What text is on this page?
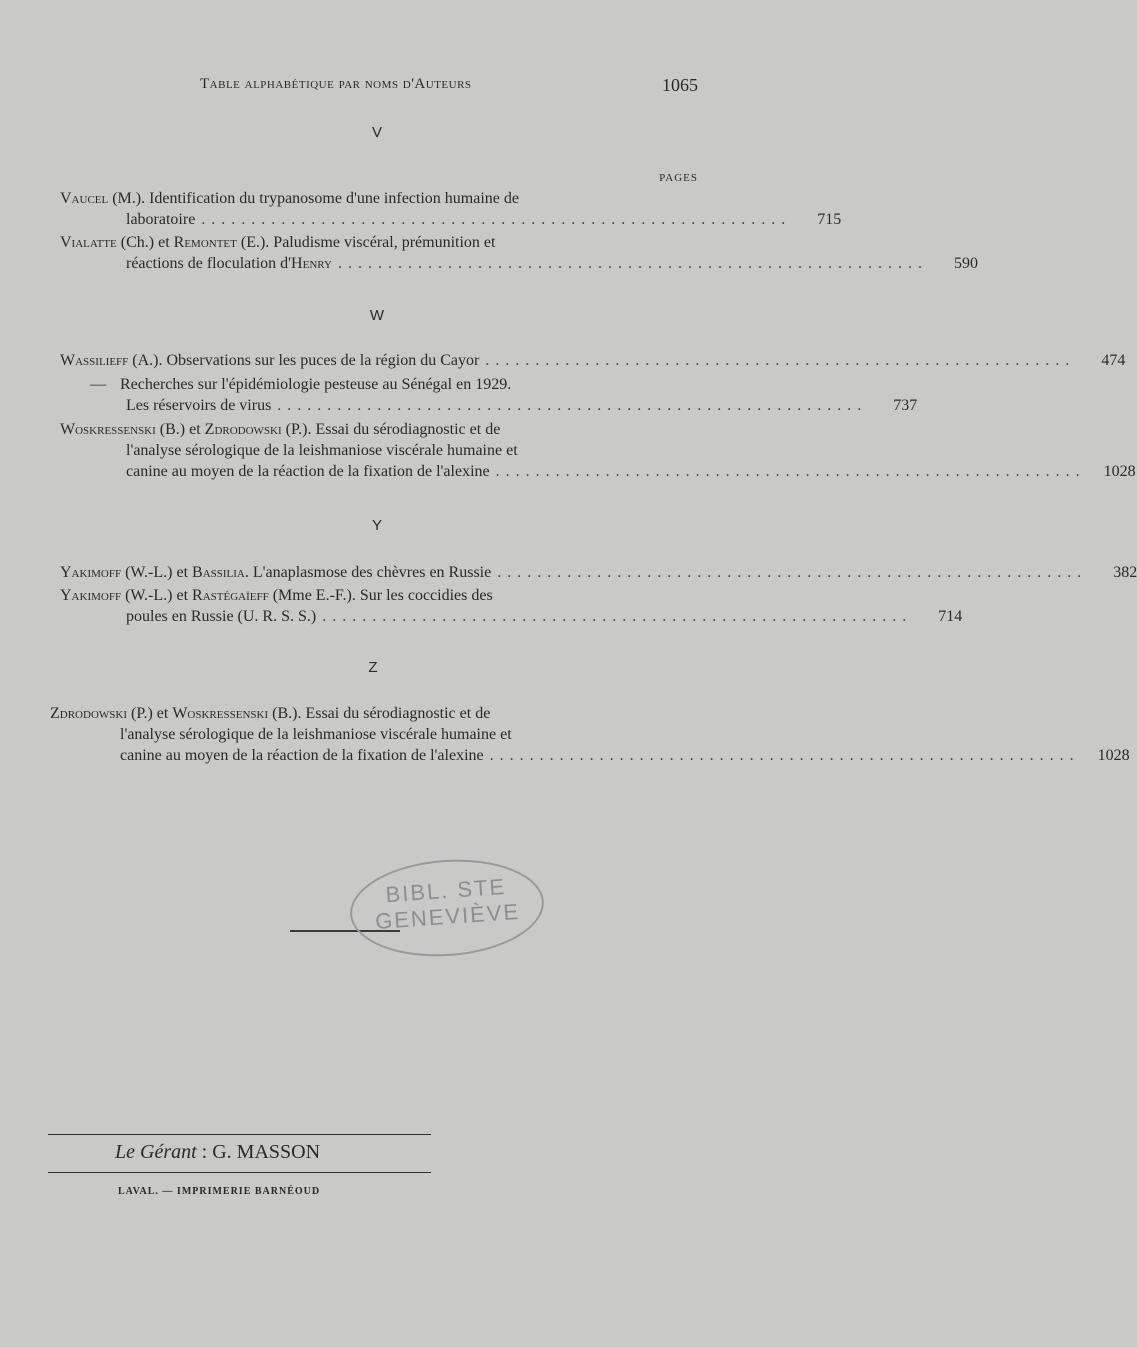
Table alphabétique par noms d'Auteurs	1065
V
PAGES
Vaucel
(M.). Identification du trypanosome d'une infection humaine de
laboratoire ...........................................................	715
Vialatte
(Ch.) et
Remontet
(E.). Paludisme viscéral, prémunition et
réactions de floculation d' Henry ...........................................................	590
W
Wassilieff
(A.). Observations sur les puces de la région du Cayor ...........................................................	474
— Recherches sur l'épidémiologie pesteuse au Sénégal en 1929.
Les réservoirs de virus ...........................................................	737
Woskressenski
(B.) et
Zdrodowski
(P.). Essai du sérodiagnostic et de
l'analyse sérologique de la leishmaniose viscérale humaine et
canine au moyen de la réaction de la fixation de l'alexine ...........................................................	1028
Y
Yakimoff
(W.-L.) et
Bassilia . L'anaplasmose des chèvres en Russie ...........................................................	382
Yakimoff
(W.-L.) et
Rastégaïeff
(Mme E.-F.). Sur les coccidies des
poules en Russie (U. R. S. S.) ...........................................................	714
Z
Zdrodowski
(P.) et
Woskressenski
(B.). Essai du sérodiagnostic et de
l'analyse sérologique de la leishmaniose viscérale humaine et
canine au moyen de la réaction de la fixation de l'alexine ...........................................................	1028
BIBL. STE
GENEVIÈVE
Le Gérant : G. MASSON
LAVAL. — IMPRIMERIE BARNÉOUD
